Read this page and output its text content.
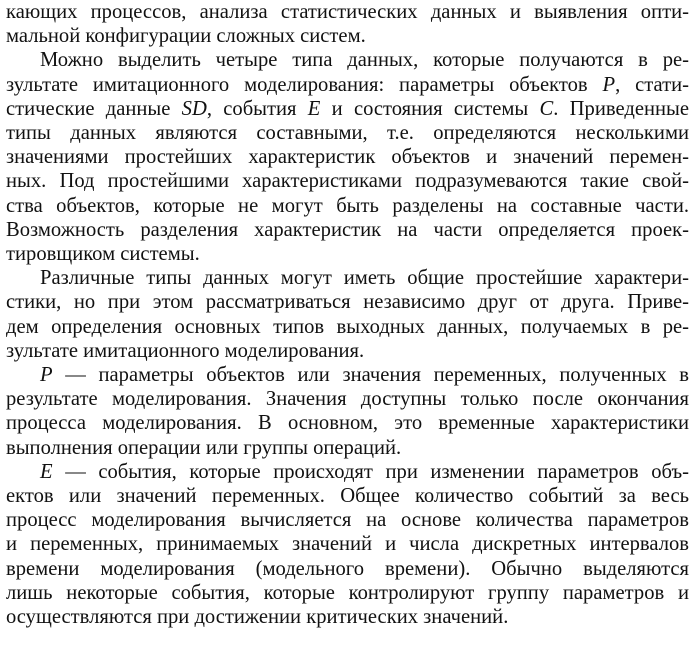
кающих процессов, анализа статистических данных и выявления опти-
мальной конфигурации сложных систем.

Можно выделить четыре типа данных, которые получаются в ре-
зультате имитационного моделирования: параметры объектов P, стати-
стические данные SD, события E и состояния системы C. Приведенные
типы данных являются составными, т.е. определяются несколькими
значениями простейших характеристик объектов и значений перемен-
ных. Под простейшими характеристиками подразумеваются такие свой-
ства объектов, которые не могут быть разделены на составные части.
Возможность разделения характеристик на части определяется проек-
тировщиком системы.

Различные типы данных могут иметь общие простейшие характери-
стики, но при этом рассматриваться независимо друг от друга. Приве-
дем определения основных типов выходных данных, получаемых в ре-
зультате имитационного моделирования.

P — параметры объектов или значения переменных, полученных в
результате моделирования. Значения доступны только после окончания
процесса моделирования. В основном, это временные характеристики
выполнения операции или группы операций.

E — события, которые происходят при изменении параметров объ-
ектов или значений переменных. Общее количество событий за весь
процесс моделирования вычисляется на основе количества параметров
и переменных, принимаемых значений и числа дискретных интервалов
времени моделирования (модельного времени). Обычно выделяются
лишь некоторые события, которые контролируют группу параметров и
осуществляются при достижении критических значений.
